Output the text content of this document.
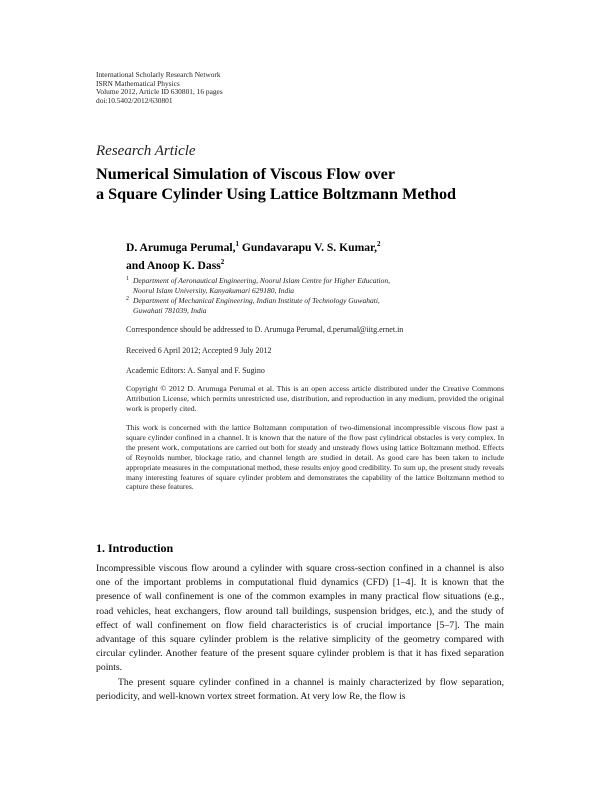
International Scholarly Research Network
ISRN Mathematical Physics
Volume 2012, Article ID 630801, 16 pages
doi:10.5402/2012/630801
Research Article
Numerical Simulation of Viscous Flow over
a Square Cylinder Using Lattice Boltzmann Method
D. Arumuga Perumal,$^1$ Gundavarapu V. S. Kumar,$^2$
and Anoop K. Dass$^2$
1 Department of Aeronautical Engineering, Noorul Islam Centre for Higher Education,
Noorul Islam University, Kanyakumari 629180, India
2 Department of Mechanical Engineering, Indian Institute of Technology Guwahati,
Guwahati 781039, India
Correspondence should be addressed to D. Arumuga Perumal, d.perumal@iitg.ernet.in
Received 6 April 2012; Accepted 9 July 2012
Academic Editors: A. Sanyal and F. Sugino
Copyright © 2012 D. Arumuga Perumal et al. This is an open access article distributed under the Creative Commons Attribution License, which permits unrestricted use, distribution, and reproduction in any medium, provided the original work is properly cited.
This work is concerned with the lattice Boltzmann computation of two-dimensional incompressible viscous flow past a square cylinder confined in a channel. It is known that the nature of the flow past cylindrical obstacles is very complex. In the present work, computations are carried out both for steady and unsteady flows using lattice Boltzmann method. Effects of Reynolds number, blockage ratio, and channel length are studied in detail. As good care has been taken to include appropriate measures in the computational method, these results enjoy good credibility. To sum up, the present study reveals many interesting features of square cylinder problem and demonstrates the capability of the lattice Boltzmann method to capture these features.
1. Introduction

Incompressible viscous flow around a cylinder with square cross-section confined in a channel is also one of the important problems in computational fluid dynamics (CFD) [1–4]. It is known that the presence of wall confinement is one of the common examples in many practical flow situations (e.g., road vehicles, heat exchangers, flow around tall buildings, suspension bridges, etc.), and the study of effect of wall confinement on flow field characteristics is of crucial importance [5–7]. The main advantage of this square cylinder problem is the relative simplicity of the geometry compared with circular cylinder. Another feature of the present square cylinder problem is that it has fixed separation points.

The present square cylinder confined in a channel is mainly characterized by flow separation, periodicity, and well-known vortex street formation. At very low Re, the flow is
